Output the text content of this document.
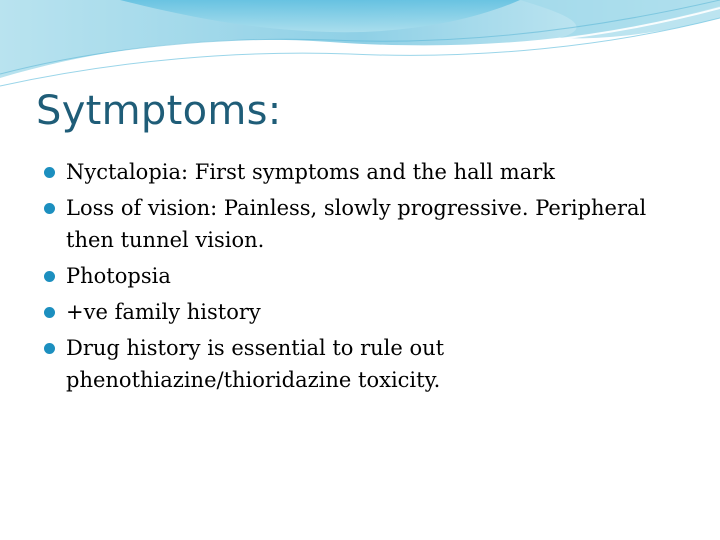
Sytmptoms:
Nyctalopia: First symptoms and the hall mark
Loss of vision: Painless, slowly progressive. Peripheral then tunnel vision.
Photopsia
+ve family history
Drug history is essential to rule out phenothiazine/thioridazine toxicity.
